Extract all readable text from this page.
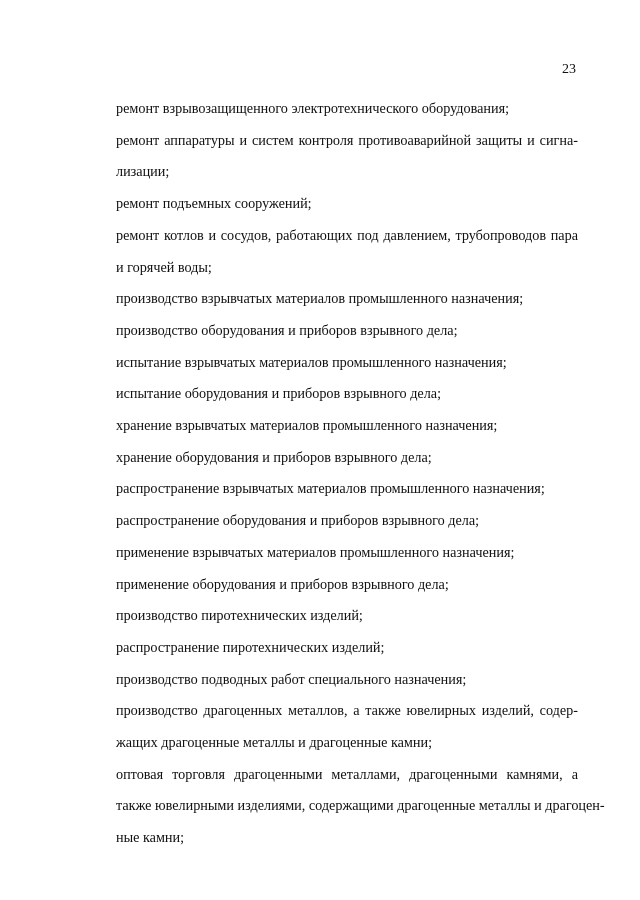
23
ремонт взрывозащищенного электротехнического оборудования;
ремонт аппаратуры и систем контроля противоаварийной защиты и сигна-
лизации;
ремонт подъемных сооружений;
ремонт котлов и сосудов, работающих под давлением, трубопроводов пара
и горячей воды;
производство взрывчатых материалов промышленного назначения;
производство оборудования и приборов взрывного дела;
испытание взрывчатых материалов промышленного назначения;
испытание оборудования и приборов взрывного дела;
хранение взрывчатых материалов промышленного назначения;
хранение оборудования и приборов взрывного дела;
распространение взрывчатых материалов промышленного назначения;
распространение оборудования и приборов взрывного дела;
применение взрывчатых материалов промышленного назначения;
применение оборудования и приборов взрывного дела;
производство пиротехнических изделий;
распространение пиротехнических изделий;
производство подводных работ специального назначения;
производство драгоценных металлов, а также ювелирных изделий, содер-
жащих драгоценные металлы и драгоценные камни;
оптовая торговля драгоценными металлами, драгоценными камнями, а
также ювелирными изделиями, содержащими драгоценные металлы и драгоцен-
ные камни;
